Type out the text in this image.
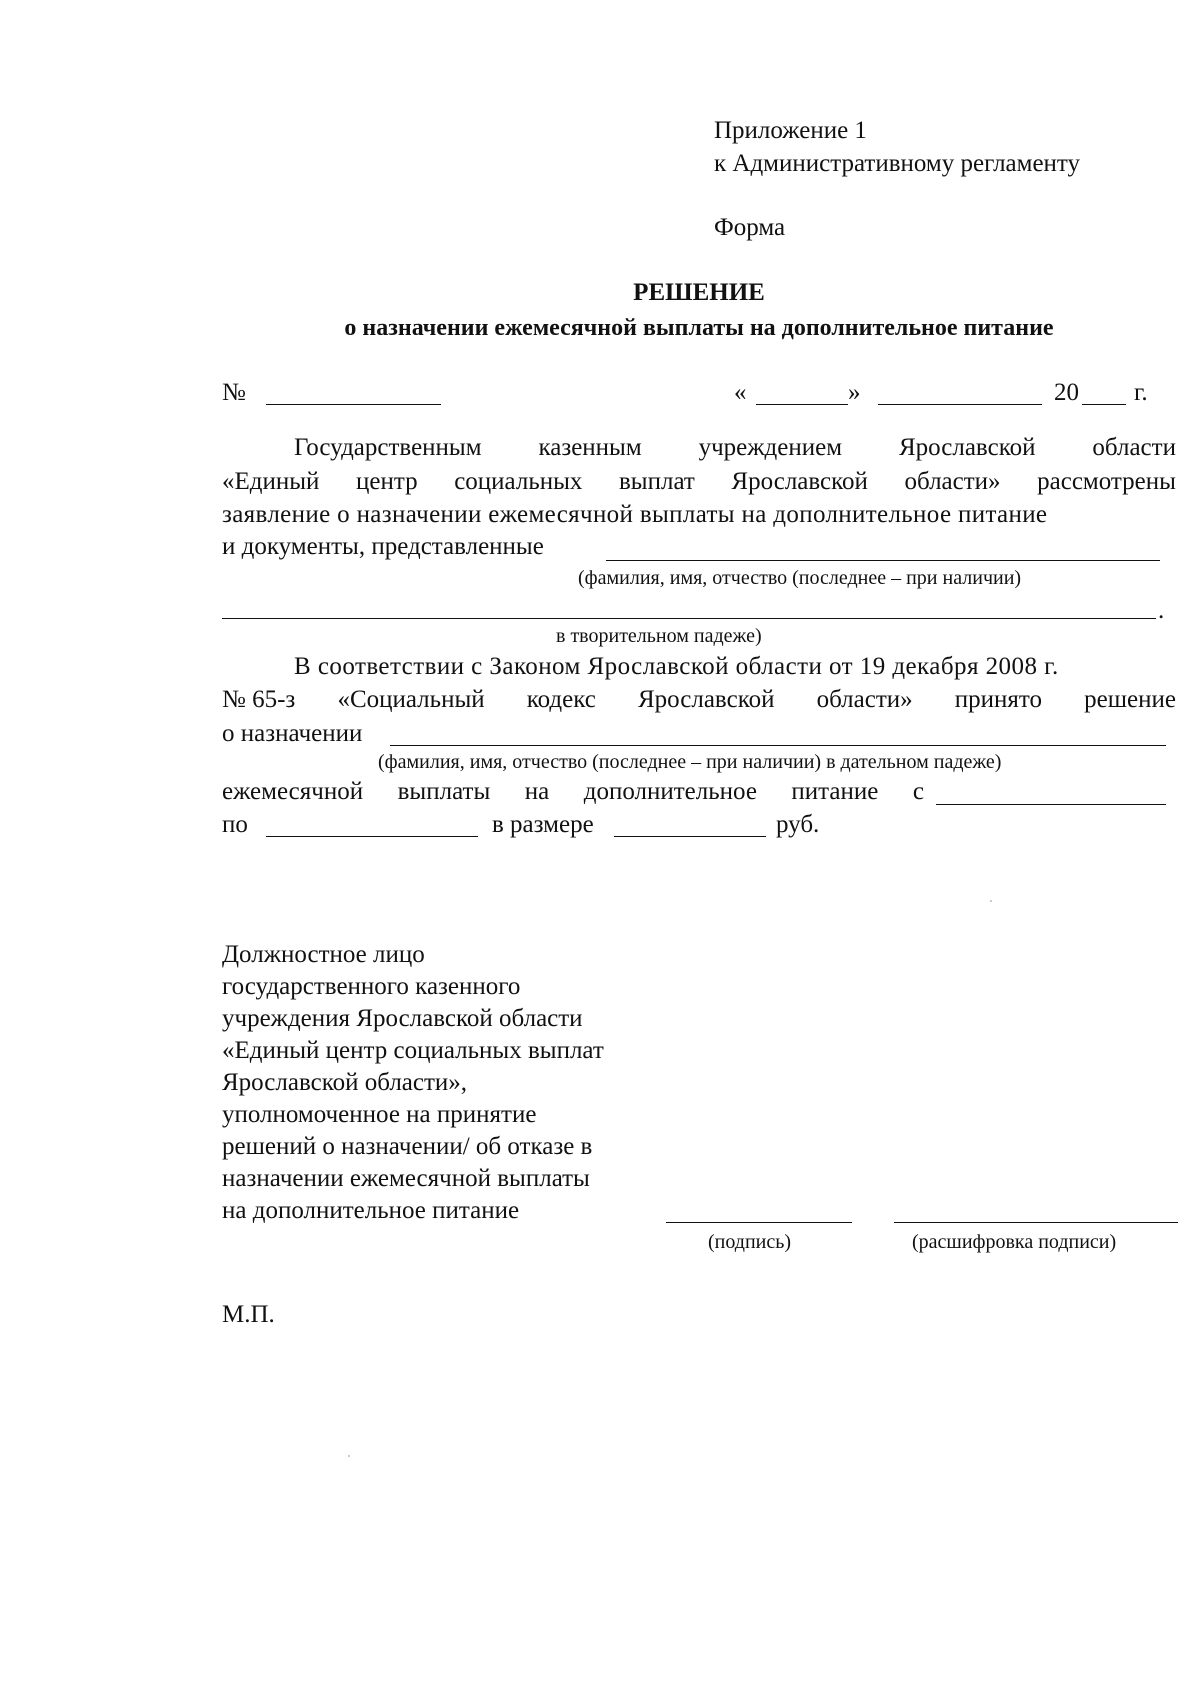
Приложение 1
к Административному регламенту
Форма
РЕШЕНИЕ
о назначении ежемесячной выплаты на дополнительное питание
№	«	»	20 г.
Государственным казенным учреждением Ярославской области
«Единый центр социальных выплат Ярославской области» рассмотрены
заявление о назначении ежемесячной выплаты на дополнительное питание
и документы, представленные
(фамилия, имя, отчество (последнее – при наличии)
.
в творительном падеже)
В соответствии с Законом Ярославской области от 19 декабря 2008 г.
№ 65-з «Социальный кодекс Ярославской области» принято решение
о назначении
(фамилия, имя, отчество (последнее – при наличии) в дательном падеже)
ежемесячной выплаты на дополнительное питание с
по	в размере	руб.
Должностное лицо
государственного казенного
учреждения Ярославской области
«Единый центр социальных выплат
Ярославской области»,
уполномоченное на принятие
решений о назначении/ об отказе в
назначении ежемесячной выплаты
на дополнительное питание
(подпись)	(расшифровка подписи)
М.П.
